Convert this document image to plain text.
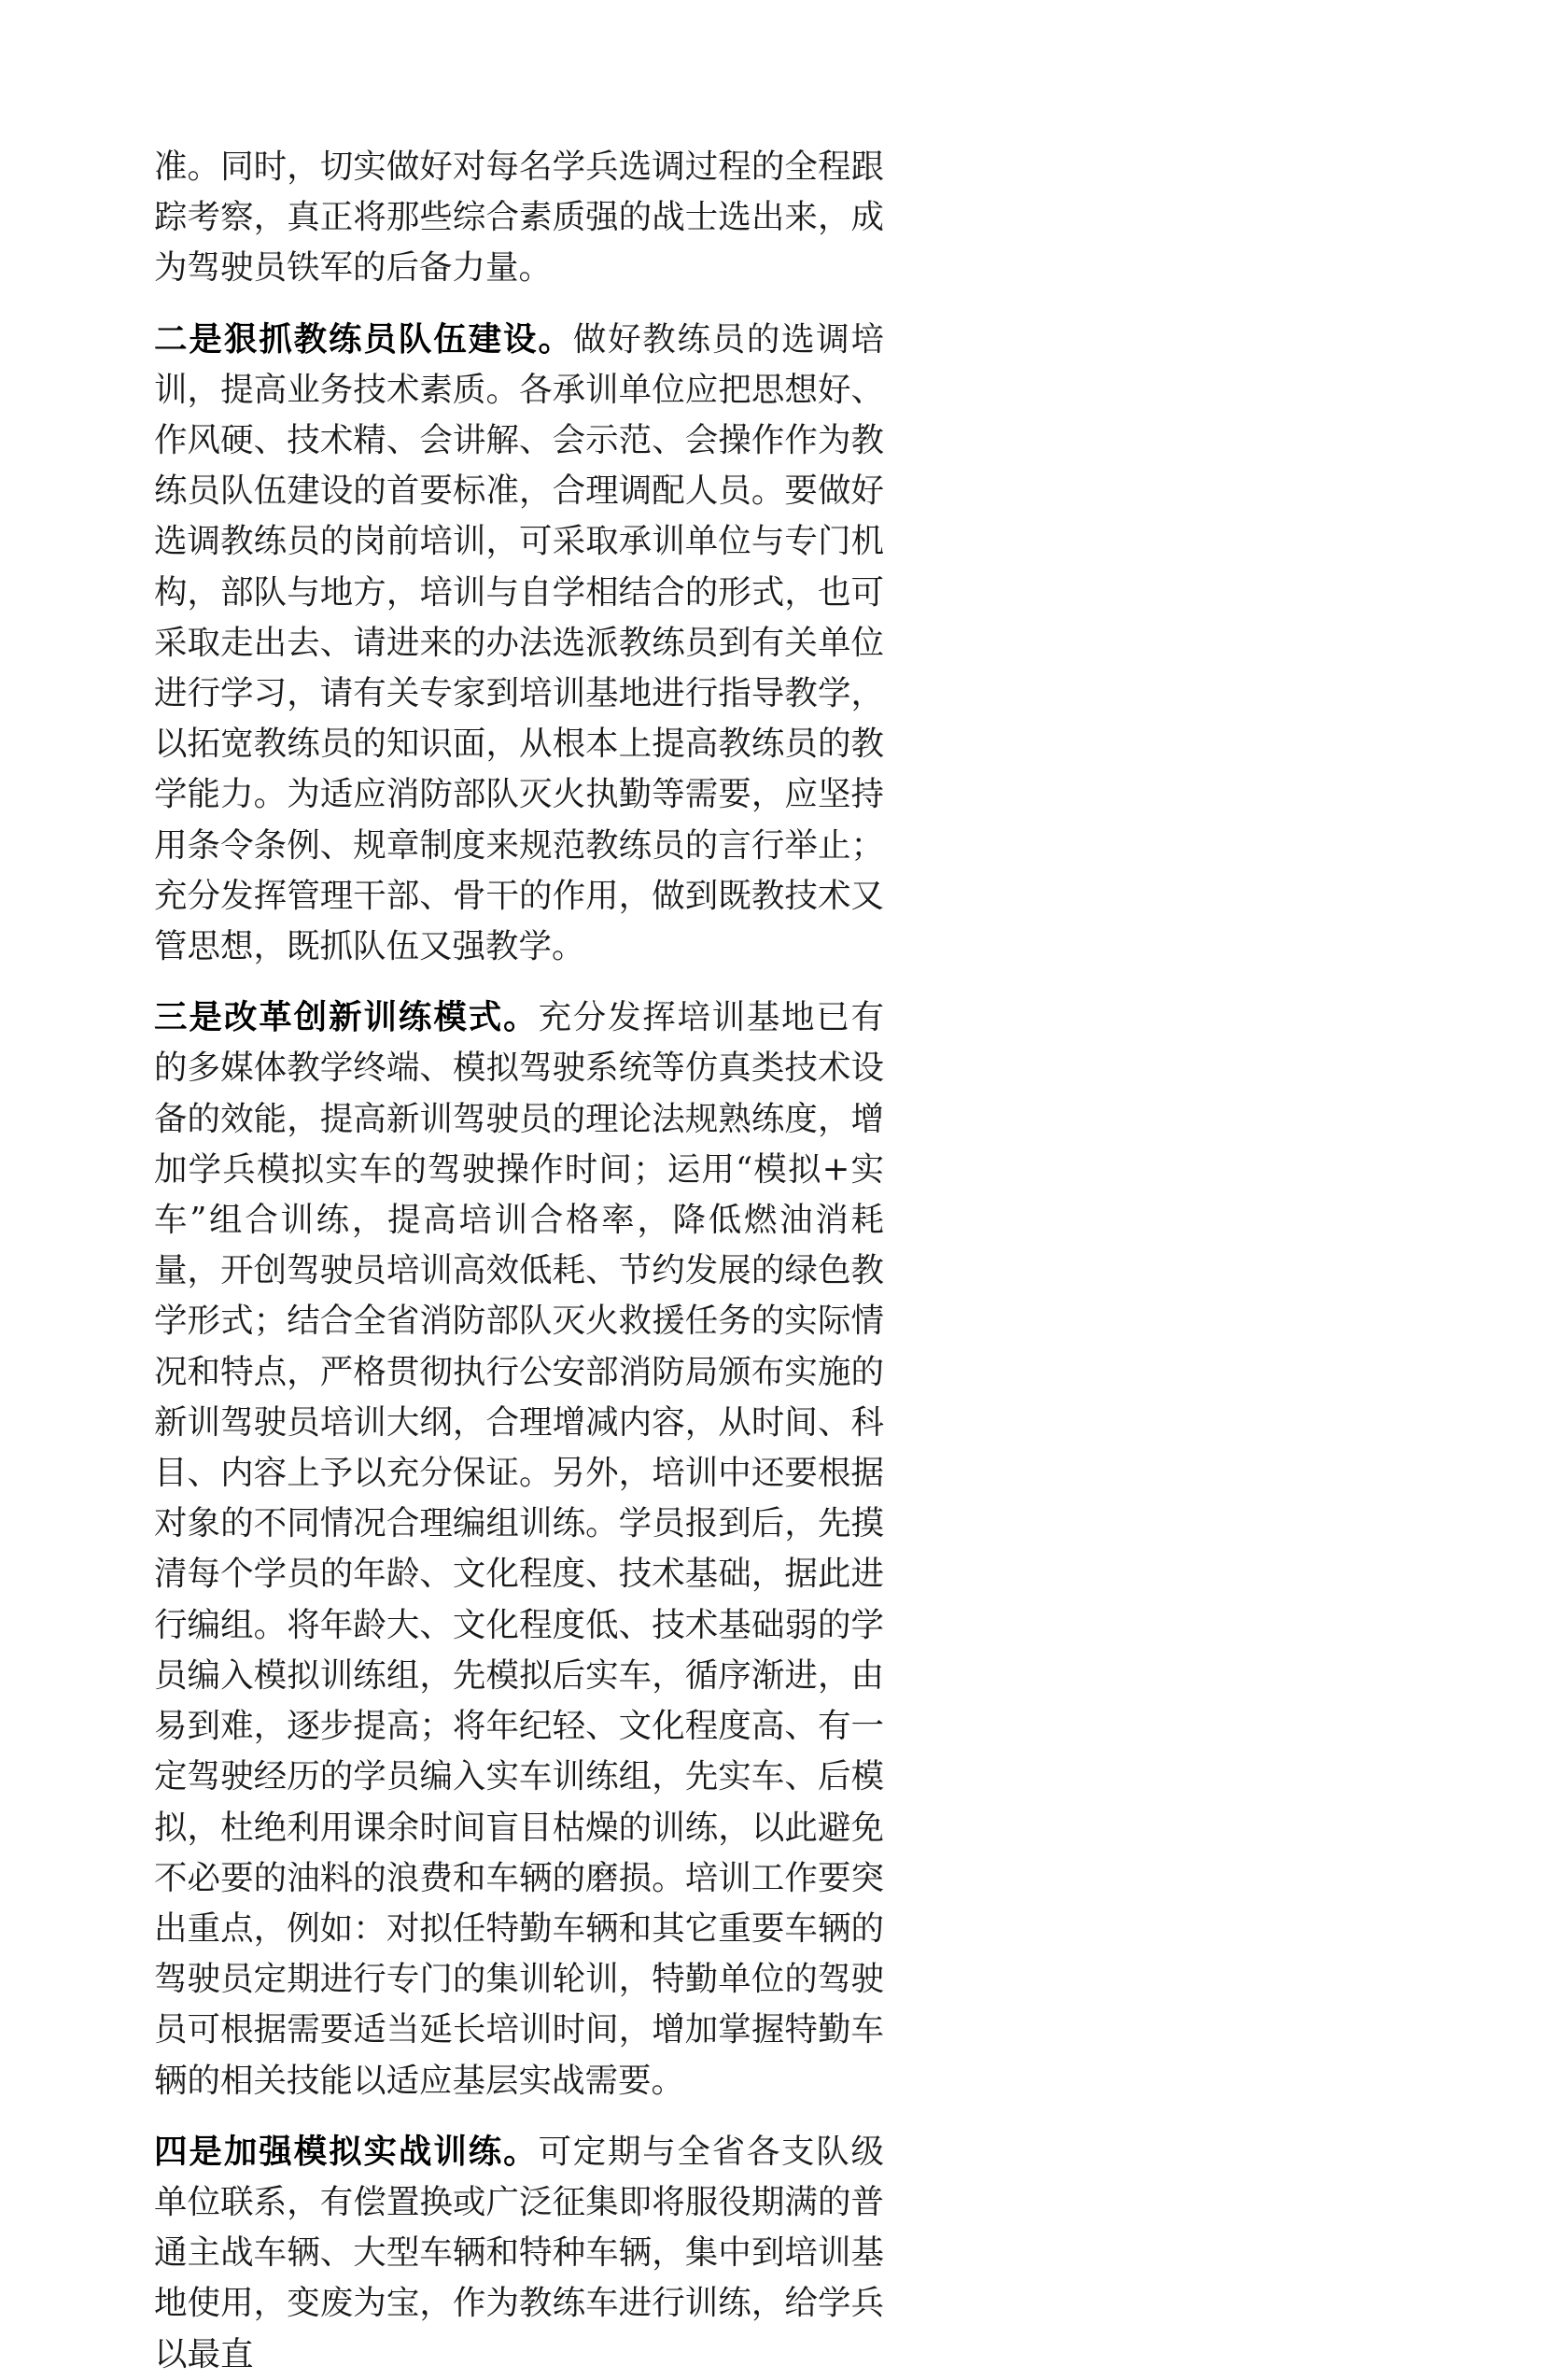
准。同时，切实做好对每名学兵选调过程的全程跟踪考察，真正将那些综合素质强的战士选出来，成为驾驶员铁军的后备力量。

二是狠抓教练员队伍建设。做好教练员的选调培训，提高业务技术素质。各承训单位应把思想好、作风硬、技术精、会讲解、会示范、会操作作为教练员队伍建设的首要标准，合理调配人员。要做好选调教练员的岗前培训，可采取承训单位与专门机构，部队与地方，培训与自学相结合的形式，也可采取走出去、请进来的办法选派教练员到有关单位进行学习，请有关专家到培训基地进行指导教学，以拓宽教练员的知识面，从根本上提高教练员的教学能力。为适应消防部队灭火执勤等需要，应坚持用条令条例、规章制度来规范教练员的言行举止；充分发挥管理干部、骨干的作用，做到既教技术又管思想，既抓队伍又强教学。

三是改革创新训练模式。充分发挥培训基地已有的多媒体教学终端、模拟驾驶系统等仿真类技术设备的效能，提高新训驾驶员的理论法规熟练度，增加学兵模拟实车的驾驶操作时间；运用“模拟+实车”组合训练，提高培训合格率，降低燃油消耗量，开创驾驶员培训高效低耗、节约发展的绿色教学形式；结合全省消防部队灭火救援任务的实际情况和特点，严格贯彻执行公安部消防局颁布实施的新训驾驶员培训大纲，合理增减内容，从时间、科目、内容上予以充分保证。另外，培训中还要根据对象的不同情况合理编组训练。学员报到后，先摸清每个学员的年龄、文化程度、技术基础，据此进行编组。将年龄大、文化程度低、技术基础弱的学员编入模拟训练组，先模拟后实车，循序渐进，由易到难，逐步提高；将年纪轻、文化程度高、有一定驾驶经历的学员编入实车训练组，先实车、后模拟，杜绝利用课余时间盲目枯燥的训练，以此避免不必要的油料的浪费和车辆的磨损。培训工作要突出重点，例如：对拟任特勤车辆和其它重要车辆的驾驶员定期进行专门的集训轮训，特勤单位的驾驶员可根据需要适当延长培训时间，增加掌握特勤车辆的相关技能以适应基层实战需要。

四是加强模拟实战训练。可定期与全省各支队级单位联系，有偿置换或广泛征集即将服役期满的普通主战车辆、大型车辆和特种车辆，集中到培训基地使用，变废为宝，作为教练车进行训练，给学兵以最直
